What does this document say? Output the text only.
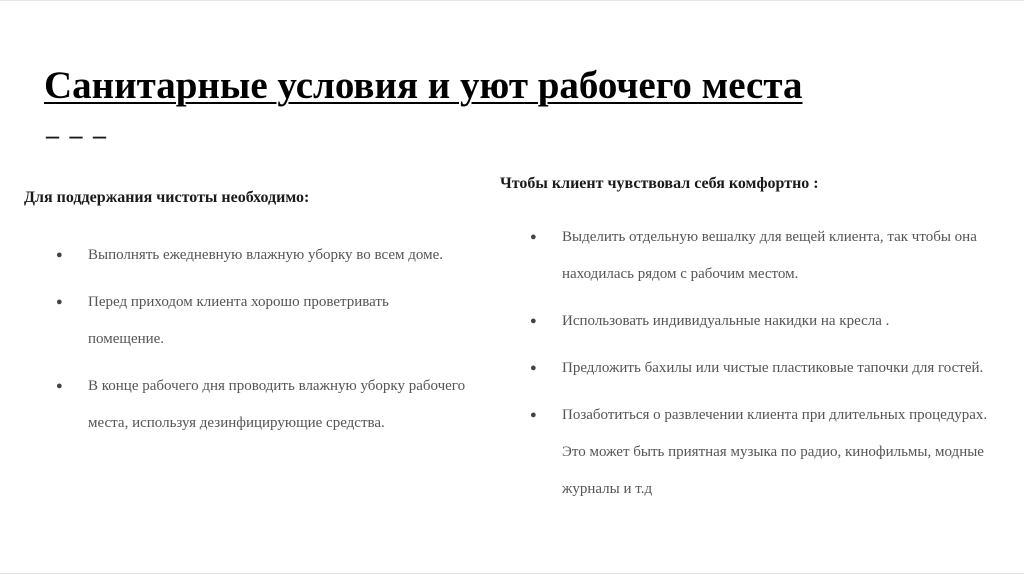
Санитарные условия и уют рабочего места
– – –
Для поддержания чистоты необходимо:
● Выполнять ежедневную влажную уборку во всем доме.
● Перед приходом клиента хорошо проветривать помещение.
● В конце рабочего дня проводить влажную уборку рабочего места, используя дезинфицирующие средства.
Чтобы клиент чувствовал себя комфортно :
● Выделить отдельную вешалку для вещей клиента, так чтобы она находилась рядом с рабочим местом.
● Использовать индивидуальные накидки на кресла .
● Предложить бахилы или чистые пластиковые тапочки для гостей.
● Позаботиться о развлечении клиента при длительных процедурах. Это может быть приятная музыка по радио, кинофильмы, модные журналы и т.д
